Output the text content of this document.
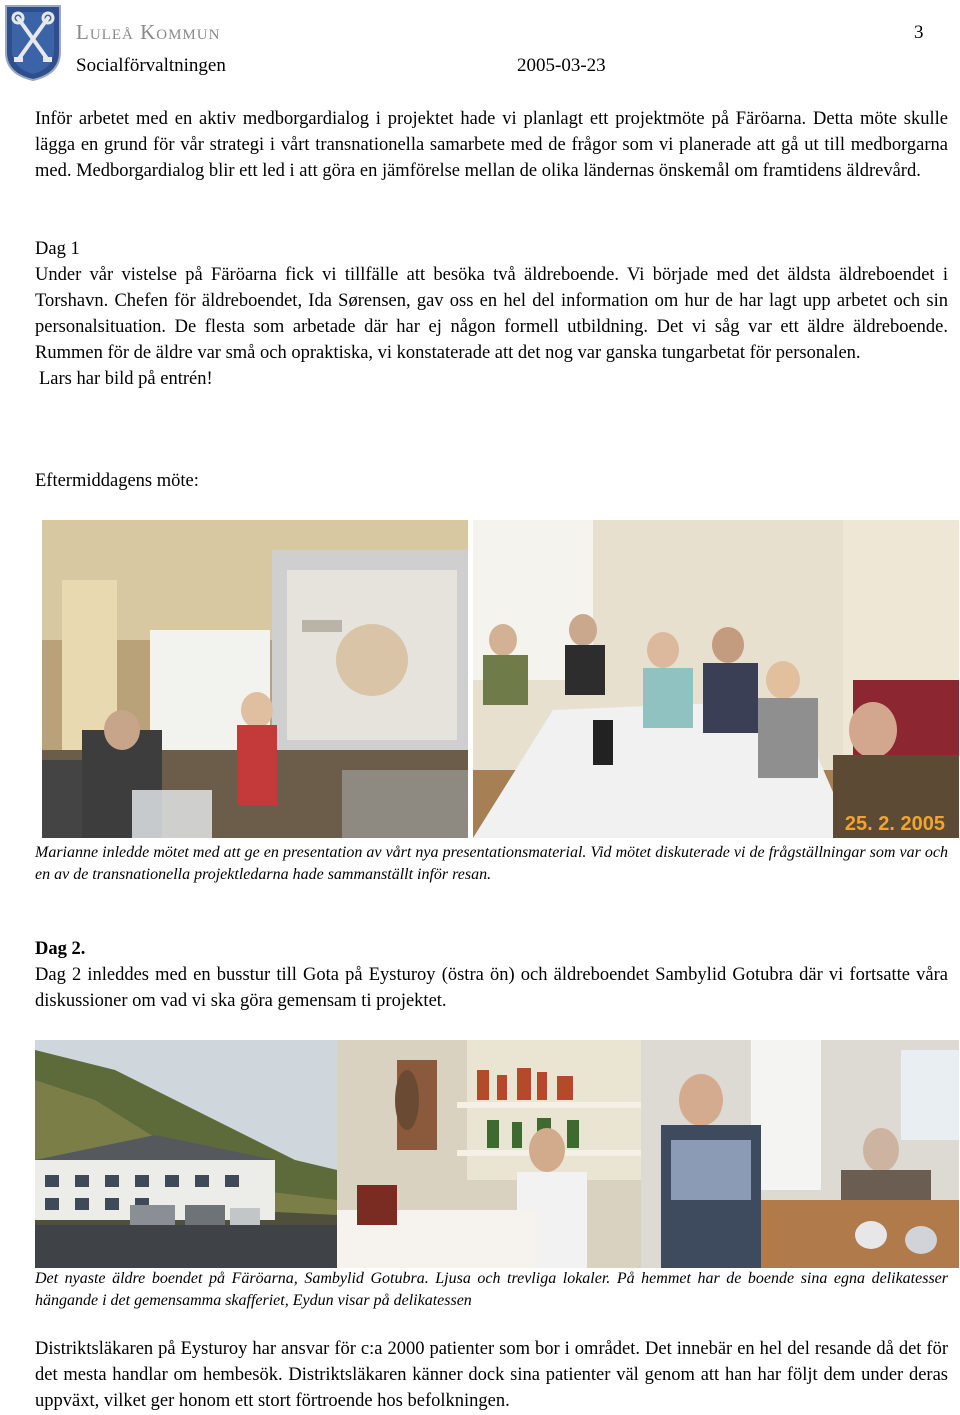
Luleå Kommun
Socialförvaltningen	2005-03-23
3

Inför arbetet med en aktiv medborgardialog i projektet hade vi planlagt ett projektmöte på Färöarna. Detta möte skulle lägga en grund för vår strategi i vårt transnationella samarbete med de frågor som vi planerade att gå ut till medborgarna med. Medborgardialog blir ett led i att göra en jämförelse mellan de olika ländernas önskemål om framtidens äldrevård.

Dag 1

Under vår vistelse på Färöarna fick vi tillfälle att besöka två äldreboende. Vi började med det äldsta äldreboendet i Torshavn. Chefen för äldreboendet, Ida Sørensen, gav oss en hel del information om hur de har lagt upp arbetet och sin personalsituation. De flesta som arbetade där har ej någon formell utbildning. Det vi såg var ett äldre äldreboende. Rummen för de äldre var små och opraktiska, vi konstaterade att det nog var ganska tungarbetat för personalen.

Lars har bild på entrén!

Eftermiddagens möte:
25. 2. 2005
Marianne inledde mötet med att ge en presentation av vårt nya presentationsmaterial. Vid mötet diskuterade vi de frågställningar som var och en av de transnationella projektledarna hade sammanställt inför resan.

Dag 2.

Dag 2 inleddes med en busstur till Gota på Eysturoy (östra ön) och äldreboendet Sambylid Gotubra där vi fortsatte våra diskussioner om vad vi ska göra gemensam ti projektet.

Det nyaste äldre boendet på Färöarna, Sambylid Gotubra. Ljusa och trevliga lokaler. På hemmet har de boende sina egna delikatesser hängande i det gemensamma skafferiet, Eydun visar på delikatessen
Distriktsläkaren på Eysturoy har ansvar för c:a 2000 patienter som bor i området. Det innebär en hel del resande då det för det mesta handlar om hembesök. Distriktsläkaren känner dock sina patienter väl genom att han har följt dem under deras uppväxt, vilket ger honom ett stort förtroende hos befolkningen.
